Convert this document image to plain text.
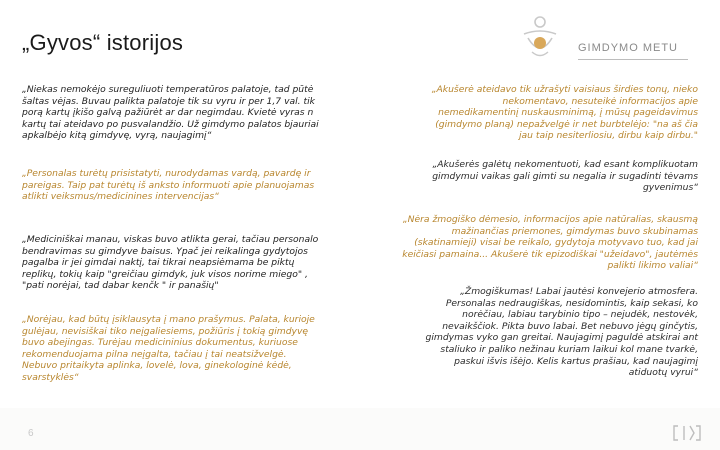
„Gyvos“ istorijos	GIMDYMO METU

„Niekas nemokėjo sureguliuoti temperatūros palatoje, tad pūtė
šaltas vėjas. Buvau palikta palatoje tik su vyru ir per 1,7 val. tik
porą kartų įkišo galvą pažiūrėt ar dar negimdau. Kvietė vyras n
kartų tai ateidavo po pusvalandžio. Už gimdymo palatos bjauriai
apkalbėjo kitą gimdyvę, vyrą, naujagimį“

„Personalas turėtų prisistatyti, nurodydamas vardą, pavardę ir
pareigas. Taip pat turėtų iš anksto informuoti apie planuojamas
atlikti veiksmus/medicinines intervencijas“

„Mediciniškai manau, viskas buvo atlikta gerai, tačiau personalo
bendravimas su gimdyve baisus. Ypač jei reikalinga gydytojos
pagalba ir jei gimdai naktį, tai tikrai neapsiėmama be piktų
replikų, tokių kaip "greičiau gimdyk, juk visos norime miego" ,
"pati norėjai, tad dabar kenčk " ir panašių"

„Norėjau, kad būtų įsiklausyta į mano prašymus. Palata, kurioje
gulėjau, nevisiškai tiko neįgaliesiems, požiūris į tokią gimdyvę
buvo abejingas. Turėjau medicininius dokumentus, kuriuose
rekomenduojama pilna neįgalta, tačiau į tai neatsižvelgė.
Nebuvo pritaikyta aplinka, lovelė, lova, ginekologinė kėdė,
svarstyklės“

„Akušerė ateidavo tik užrašyti vaisiaus širdies tonų, nieko
nekomentavo, nesuteikė informacijos apie
nemedikamentinį nuskausminimą, į mūsų pageidavimus
(gimdymo planą) nepažvelgė ir net burbtelėjo: "na aš čia
jau taip nesiterliosiu, dirbu kaip dirbu."

„Akušerės galėtų nekomentuoti, kad esant komplikuotam
gimdymui vaikas gali gimti su negalia ir sugadinti tėvams
gyvenimus“

„Nėra žmogiško dėmesio, informacijos apie natūralias, skausmą
mažinančias priemones, gimdymas buvo skubinamas
(skatinamieji) visai be reikalo, gydytoja motyvavo tuo, kad jai
keičiasi pamaina... Akušerė tik epizodiškai "užeidavo", jautėmės
palikti likimo valiai“

„Žmogiškumas! Labai jautėsi konvejerio atmosfera.
Personalas nedraugiškas, nesidomintis, kaip sekasi, ko
norėčiau, labiau tarybinio tipo – nejudėk, nestovėk,
nevaikščiok. Pikta buvo labai. Bet nebuvo jėgų ginčytis,
gimdymas vyko gan greitai. Naujagimį paguldė atskirai ant
staliuko ir paliko nežinau kuriam laikui kol mane tvarkė,
paskui išvis išėjo. Kelis kartus prašiau, kad naujagimį
atiduotų vyrui“

6
